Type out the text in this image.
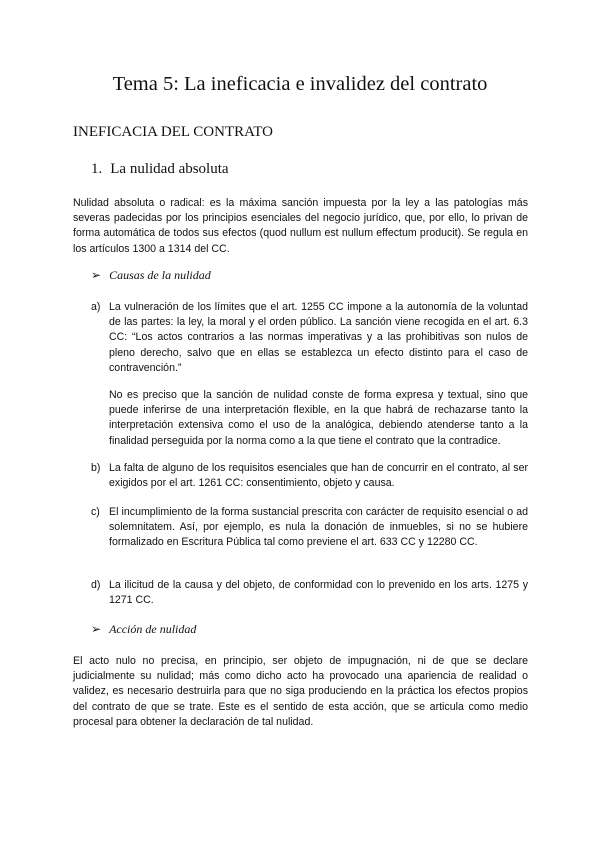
Tema 5: La ineficacia e invalidez del contrato
INEFICACIA DEL CONTRATO
1. La nulidad absoluta

Nulidad absoluta o radical: es la máxima sanción impuesta por la ley a las patologías más severas padecidas por los principios esenciales del negocio jurídico, que, por ello, lo privan de forma automática de todos sus efectos (quod nullum est nullum effectum producit). Se regula en los artículos 1300 a 1314 del CC.

➢ Causas de la nulidad
a) La vulneración de los límites que el art. 1255 CC impone a la autonomía de la voluntad de las partes: la ley, la moral y el orden público. La sanción viene recogida en el art. 6.3 CC: “Los actos contrarios a las normas imperativas y a las prohibitivas son nulos de pleno derecho, salvo que en ellas se establezca un efecto distinto para el caso de contravención.”

No es preciso que la sanción de nulidad conste de forma expresa y textual, sino que puede inferirse de una interpretación flexible, en la que habrá de rechazarse tanto la interpretación extensiva como el uso de la analógica, debiendo atenderse tanto a la finalidad perseguida por la norma como a la que tiene el contrato que la contradice.

b) La falta de alguno de los requisitos esenciales que han de concurrir en el contrato, al ser exigidos por el art. 1261 CC: consentimiento, objeto y causa.

c) El incumplimiento de la forma sustancial prescrita con carácter de requisito esencial o ad solemnitatem. Así, por ejemplo, es nula la donación de inmuebles, si no se hubiere formalizado en Escritura Pública tal como previene el art. 633 CC y 12280 CC.

d) La ilicitud de la causa y del objeto, de conformidad con lo prevenido en los arts. 1275 y 1271 CC.

➢ Acción de nulidad

El acto nulo no precisa, en principio, ser objeto de impugnación, ni de que se declare judicialmente su nulidad; más como dicho acto ha provocado una apariencia de realidad o validez, es necesario destruirla para que no siga produciendo en la práctica los efectos propios del contrato de que se trate. Este es el sentido de esta acción, que se articula como medio procesal para obtener la declaración de tal nulidad.
